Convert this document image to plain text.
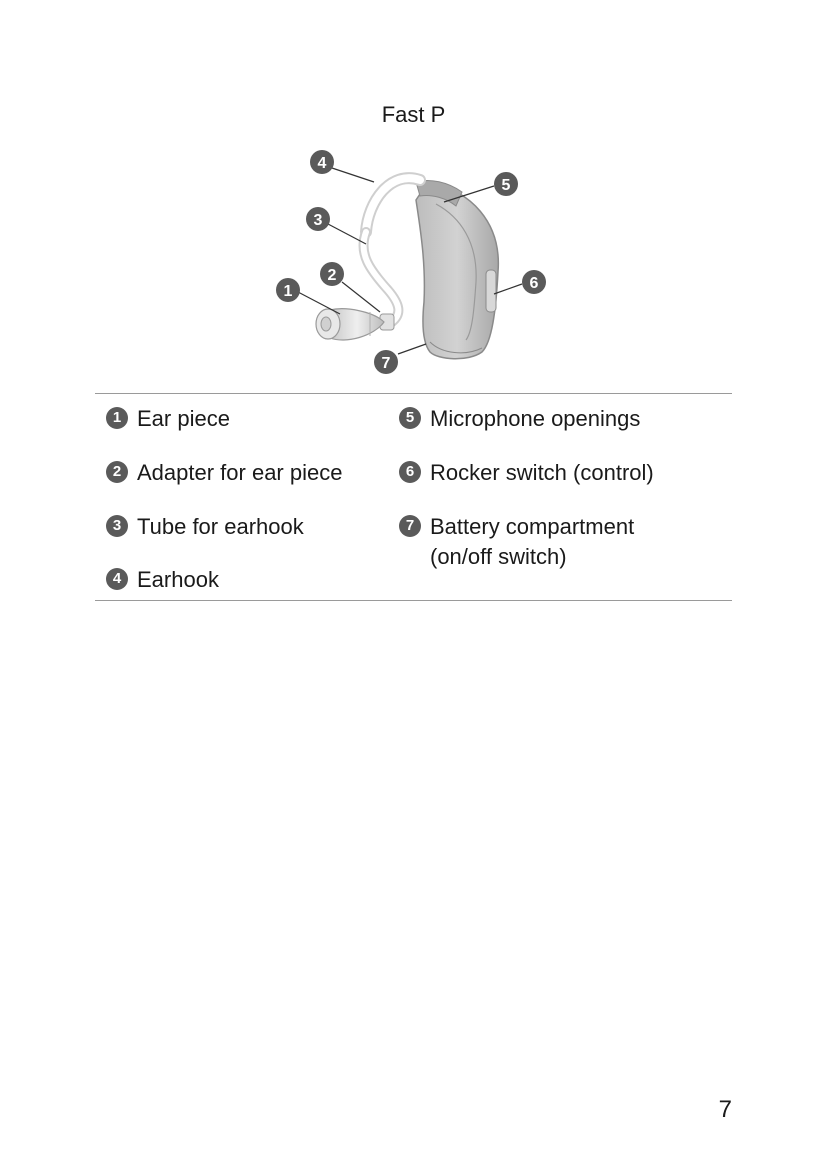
Fast P
4
3
2
1
5
6
7
1 Ear piece
2 Adapter for ear piece
3 Tube for earhook
4 Earhook
5 Microphone openings
6 Rocker switch (control)
7 Battery compartment (on/off switch)
7
